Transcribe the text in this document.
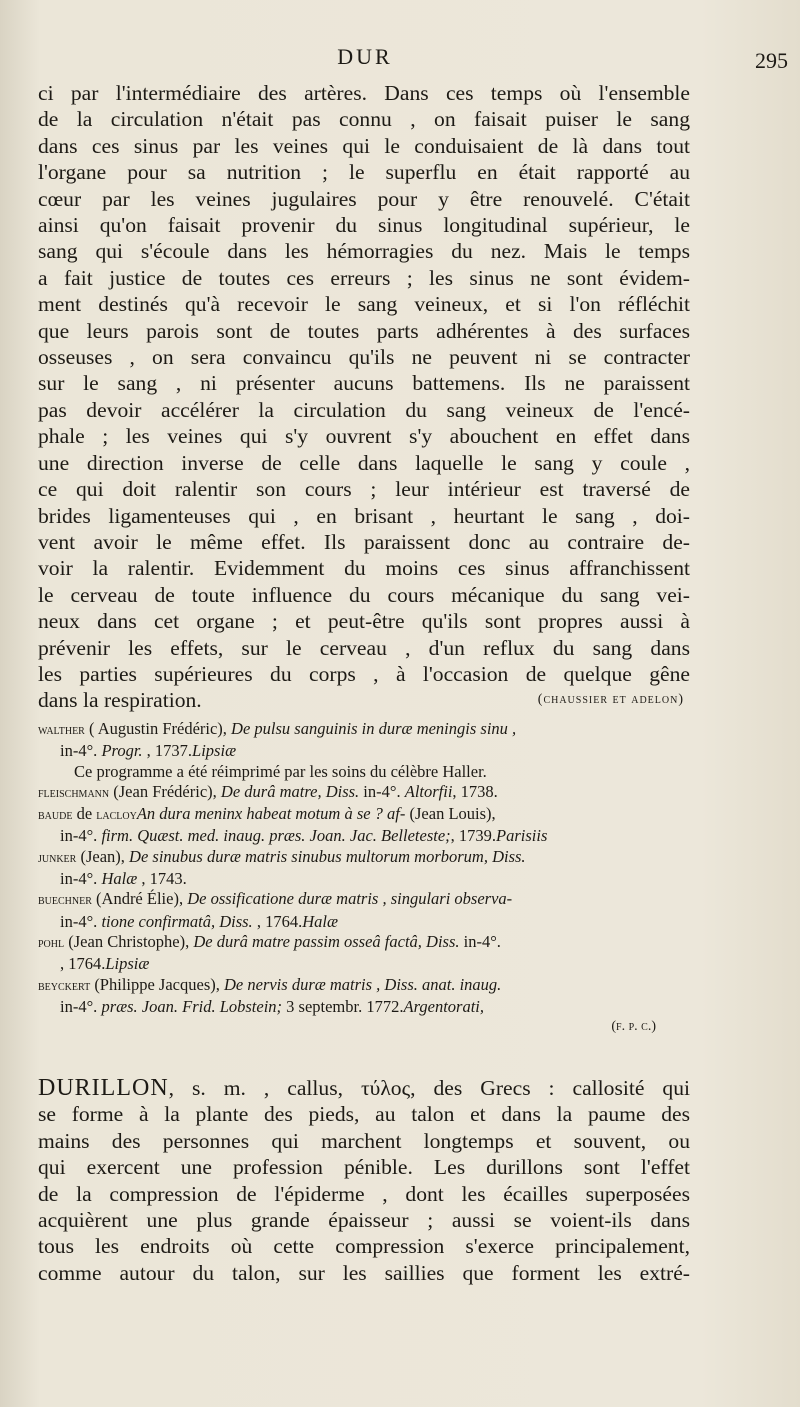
DUR	295
ci par l'intermédiaire des artères. Dans ces temps où l'ensemble
de la circulation n'était pas connu , on faisait puiser le sang
dans ces sinus par les veines qui le conduisaient de là dans tout
l'organe pour sa nutrition ; le superflu en était rapporté au
cœur par les veines jugulaires pour y être renouvelé. C'était
ainsi qu'on faisait provenir du sinus longitudinal supérieur, le
sang qui s'écoule dans les hémorragies du nez. Mais le temps
a fait justice de toutes ces erreurs ; les sinus ne sont évidem-
ment destinés qu'à recevoir le sang veineux, et si l'on réfléchit
que leurs parois sont de toutes parts adhérentes à des surfaces
osseuses , on sera convaincu qu'ils ne peuvent ni se contracter
sur le sang , ni présenter aucuns battemens. Ils ne paraissent
pas devoir accélérer la circulation du sang veineux de l'encé-
phale ; les veines qui s'y ouvrent s'y abouchent en effet dans
une direction inverse de celle dans laquelle le sang y coule ,
ce qui doit ralentir son cours ; leur intérieur est traversé de
brides ligamenteuses qui , en brisant , heurtant le sang , doi-
vent avoir le même effet. Ils paraissent donc au contraire de-
voir la ralentir. Evidemment du moins ces sinus affranchissent
le cerveau de toute influence du cours mécanique du sang vei-
neux dans cet organe ; et peut-être qu'ils sont propres aussi à
prévenir les effets, sur le cerveau , d'un reflux du sang dans
les parties supérieures du corps , à l'occasion de quelque gêne
dans la respiration.	(chaussier et adelon)
walther ( Augustin Frédéric), De pulsu sanguinis in duræ meningis sinu ,
in-4°. Progr. , 1737.Lipsiæ
Ce programme a été réimprimé par les soins du célèbre Haller.
fleischmann (Jean Frédéric), De durâ matre, Diss. in-4°. Altorfii, 1738.
baude de lacloyAn dura meninx habeat motum à se ? af- (Jean Louis),
in-4°. firm. Quæst. med. inaug. præs. Joan. Jac. Belleteste;, 1739.Parisiis
junker (Jean), De sinubus duræ matris sinubus multorum morborum, Diss.
in-4°. Halæ , 1743.
buechner (André Élie), De ossificatione duræ matris , singulari observa-
in-4°. tione confirmatâ, Diss. , 1764.Halæ
pohl (Jean Christophe), De durâ matre passim osseâ factâ, Diss. in-4°.
, 1764.Lipsiæ
beyckert (Philippe Jacques), De nervis duræ matris , Diss. anat. inaug.
in-4°. præs. Joan. Frid. Lobstein; 3 septembr. 1772.Argentorati,
(f. p. c.)
DURILLON, s. m. , callus, τύλος, des Grecs : callosité qui
se forme à la plante des pieds, au talon et dans la paume des
mains des personnes qui marchent longtemps et souvent, ou
qui exercent une profession pénible. Les durillons sont l'effet
de la compression de l'épiderme , dont les écailles superposées
acquièrent une plus grande épaisseur ; aussi se voient-ils dans
tous les endroits où cette compression s'exerce principalement,
comme autour du talon, sur les saillies que forment les extré-
